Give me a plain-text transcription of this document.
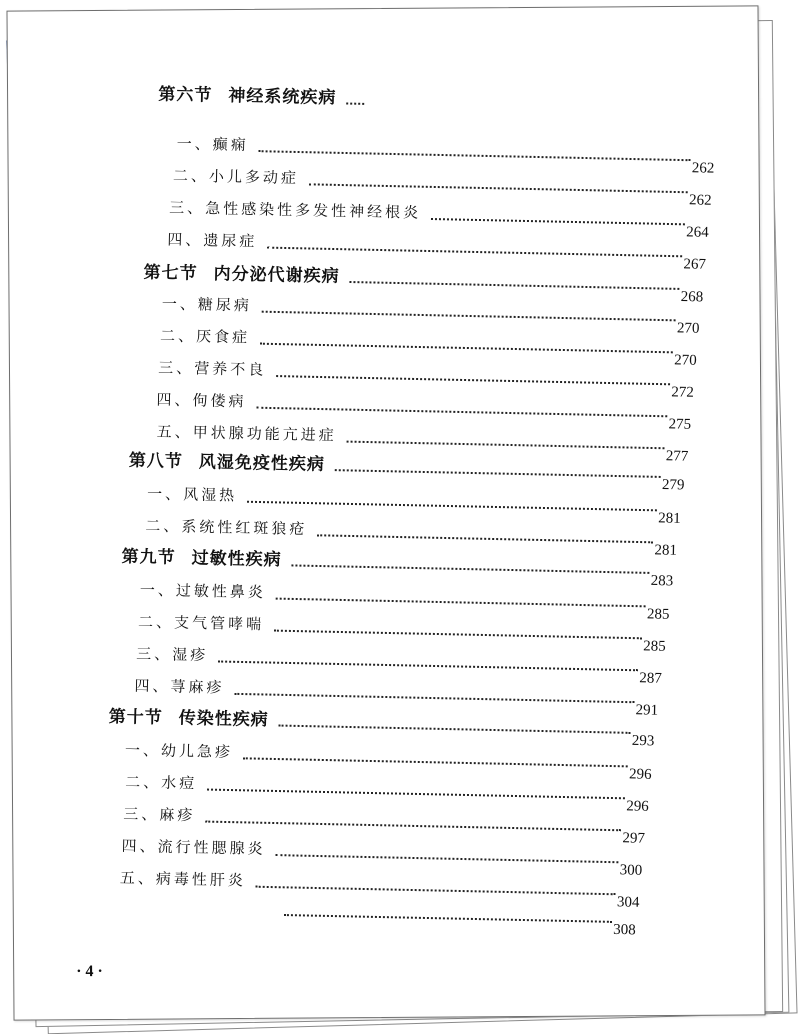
第六节 神经系统疾病
一、癫痫
262
二、小儿多动症
262
三、急性感染性多发性神经根炎
264
四、遗尿症
267
第七节 内分泌代谢疾病
268
一、糖尿病
270
二、厌食症
270
三、营养不良
272
四、佝偻病
275
五、甲状腺功能亢进症
277
第八节 风湿免疫性疾病
279
一、风湿热
281
二、系统性红斑狼疮
281
第九节 过敏性疾病
283
一、过敏性鼻炎
285
二、支气管哮喘
285
三、湿疹
287
四、荨麻疹
291
第十节 传染性疾病
293
一、幼儿急疹
296
二、水痘
296
三、麻疹
297
四、流行性腮腺炎
300
五、病毒性肝炎
304
308
· 4 ·
